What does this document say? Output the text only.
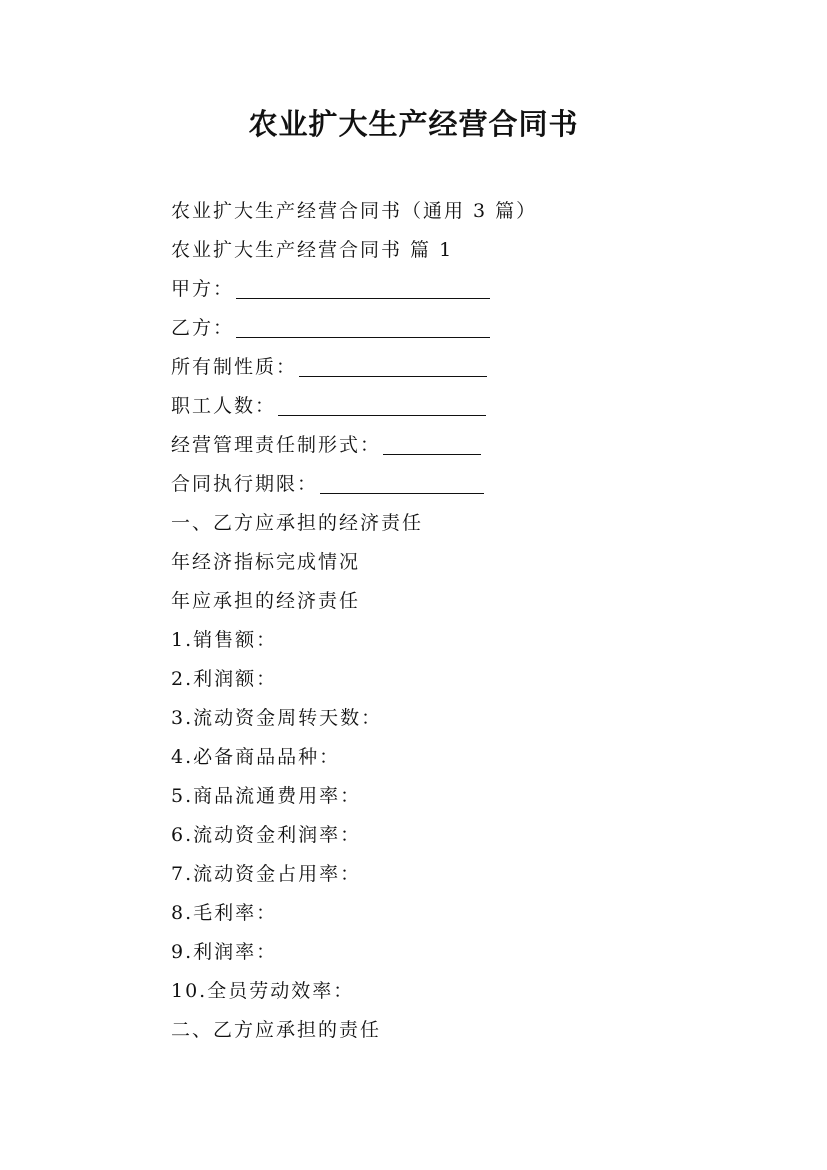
农业扩大生产经营合同书
农业扩大生产经营合同书（通用 3 篇）
农业扩大生产经营合同书 篇 1
甲方：
乙方：
所有制性质：
职工人数：
经营管理责任制形式：
合同执行期限：
一、乙方应承担的经济责任
年经济指标完成情况
年应承担的经济责任
1.销售额：
2.利润额：
3.流动资金周转天数：
4.必备商品品种：
5.商品流通费用率：
6.流动资金利润率：
7.流动资金占用率：
8.毛利率：
9.利润率：
10.全员劳动效率：
二、乙方应承担的责任
